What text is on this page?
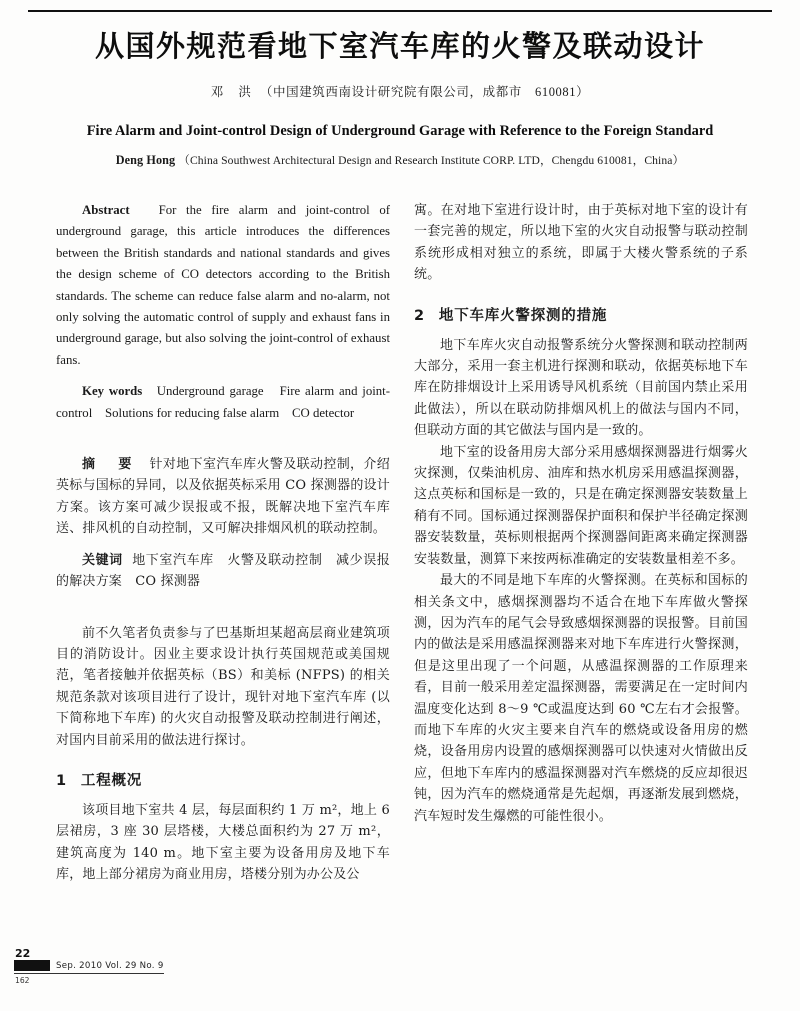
从国外规范看地下室汽车库的火警及联动设计
邓 洪 （中国建筑西南设计研究院有限公司，成都市　610081）
Fire Alarm and Joint-control Design of Underground Garage with Reference to the Foreign Standard
Deng Hong （China Southwest Architectural Design and Research Institute CORP. LTD，Chengdu 610081，China）

Abstract For the fire alarm and joint-control of underground garage, this article introduces the differences between the British standards and national standards and gives the design scheme of CO detectors according to the British standards. The scheme can reduce false alarm and no-alarm, not only solving the automatic control of supply and exhaust fans in underground garage, but also solving the joint-control of exhaust fans.

Key words Underground garage　Fire alarm and joint-control　Solutions for reducing false alarm　CO detector

摘　要 针对地下室汽车库火警及联动控制，介绍英标与国标的异同，以及依据英标采用 CO 探测器的设计方案。该方案可减少误报或不报，既解决地下室汽车库送、排风机的自动控制，又可解决排烟风机的联动控制。

关键词 地下室汽车库　火警及联动控制　减少误报的解决方案　CO 探测器

前不久笔者负责参与了巴基斯坦某超高层商业建筑项目的消防设计。因业主要求设计执行英国规范或美国规范，笔者接触并依据英标（BS）和美标 (NFPS) 的相关规范条款对该项目进行了设计，现针对地下室汽车库 (以下简称地下车库) 的火灾自动报警及联动控制进行阐述，对国内目前采用的做法进行探讨。

1 工程概况

该项目地下室共 4 层，每层面积约 1 万 m²，地上 6 层裙房，3 座 30 层塔楼，大楼总面积约为 27 万 m²，建筑高度为 140 m。地下室主要为设备用房及地下车库，地上部分裙房为商业用房，塔楼分别为办公及公

寓。在对地下室进行设计时，由于英标对地下室的设计有一套完善的规定，所以地下室的火灾自动报警与联动控制系统形成相对独立的系统，即属于大楼火警系统的子系统。

2 地下车库火警探测的措施

地下车库火灾自动报警系统分火警探测和联动控制两大部分，采用一套主机进行探测和联动，依据英标地下车库在防排烟设计上采用诱导风机系统（目前国内禁止采用此做法），所以在联动防排烟风机上的做法与国内不同，但联动方面的其它做法与国内是一致的。

地下室的设备用房大部分采用感烟探测器进行烟雾火灾探测，仅柴油机房、油库和热水机房采用感温探测器，这点英标和国标是一致的，只是在确定探测器安装数量上稍有不同。国标通过探测器保护面积和保护半径确定探测器安装数量，英标则根据两个探测器间距离来确定探测器安装数量，测算下来按两标准确定的安装数量相差不多。

最大的不同是地下车库的火警探测。在英标和国标的相关条文中，感烟探测器均不适合在地下车库做火警探测，因为汽车的尾气会导致感烟探测器的误报警。目前国内的做法是采用感温探测器来对地下车库进行火警探测，但是这里出现了一个问题，从感温探测器的工作原理来看，目前一般采用差定温探测器，需要满足在一定时间内温度变化达到 8～9 ℃或温度达到 60 ℃左右才会报警。而地下车库的火灾主要来自汽车的燃烧或设备用房的燃烧，设备用房内设置的感烟探测器可以快速对火情做出反应，但地下车库内的感温探测器对汽车燃烧的反应却很迟钝，因为汽车的燃烧通常是先起烟，再逐渐发展到燃烧，汽车短时发生爆燃的可能性很小。

22
Sep. 2010 Vol. 29 No. 9
162
